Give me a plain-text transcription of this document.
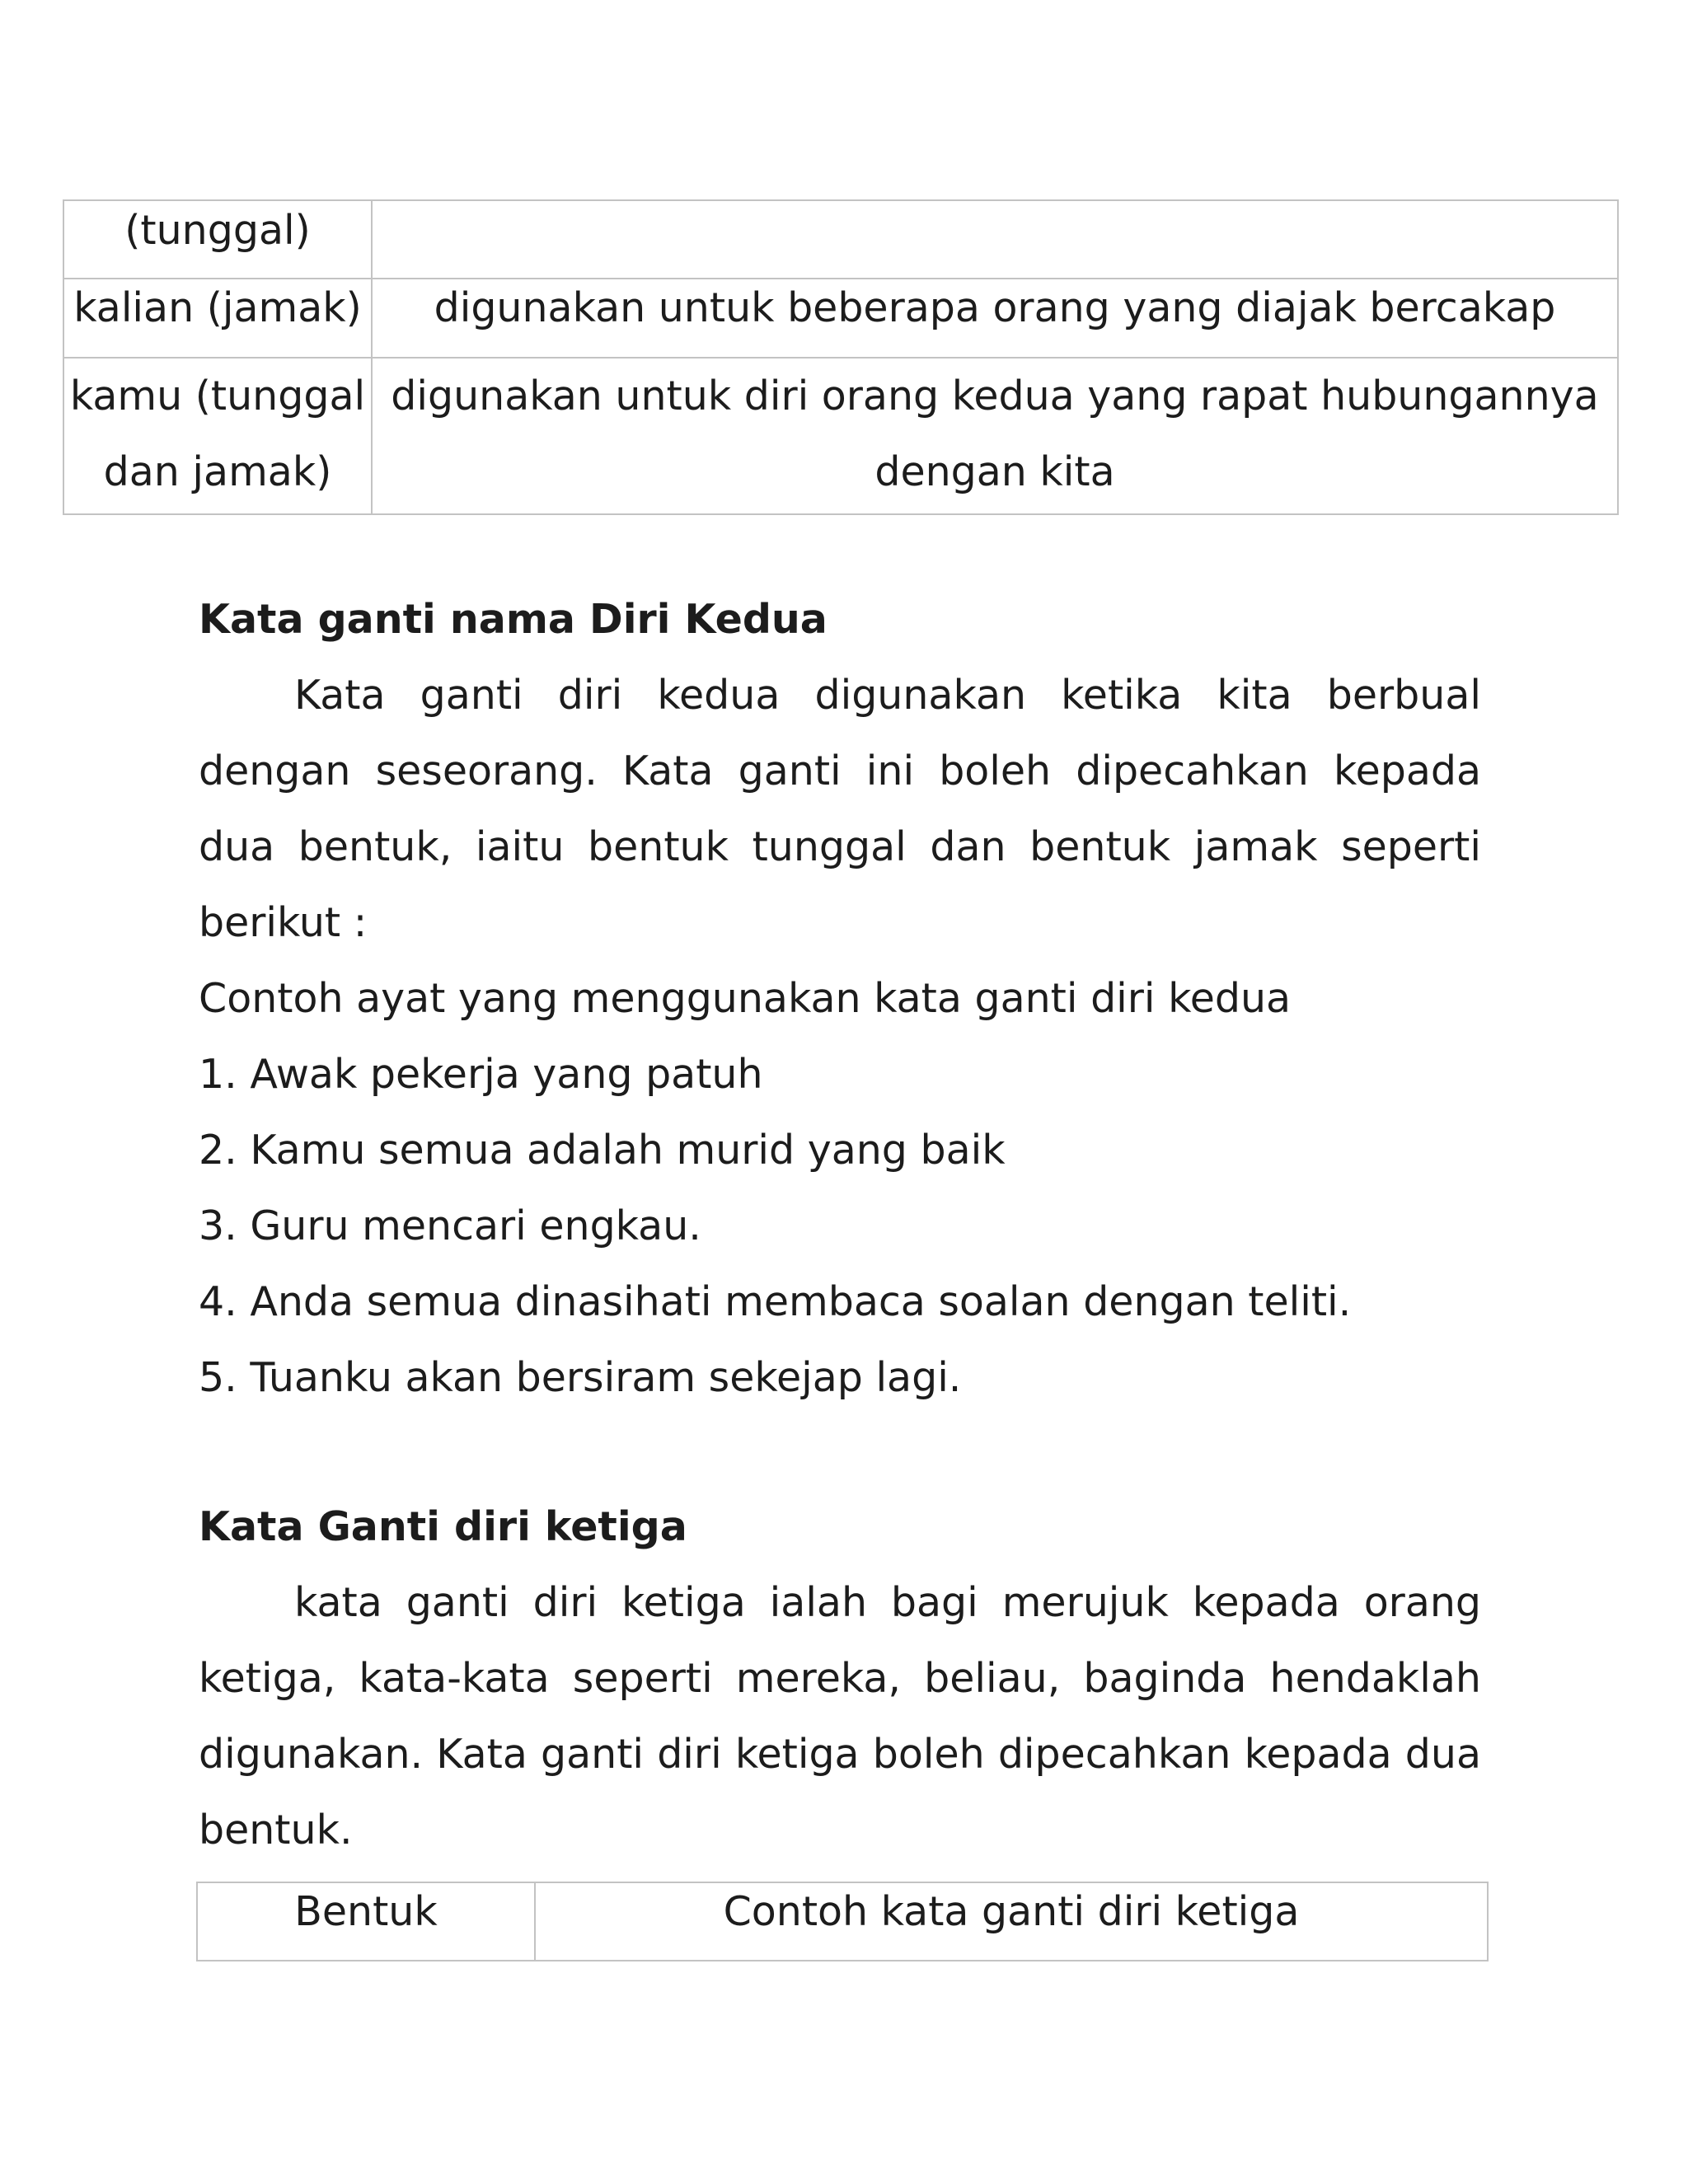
(tunggal)	
kalian (jamak)	digunakan untuk beberapa orang yang diajak bercakap
kamu (tunggal dan jamak)	digunakan untuk diri orang kedua yang rapat hubungannya dengan kita
Kata ganti nama Diri Kedua

Kata ganti diri kedua digunakan ketika kita berbual dengan seseorang. Kata ganti ini boleh dipecahkan kepada dua bentuk, iaitu bentuk tunggal dan bentuk jamak seperti berikut :

Contoh ayat yang menggunakan kata ganti diri kedua

1. Awak pekerja yang patuh

2. Kamu semua adalah murid yang baik

3. Guru mencari engkau.

4. Anda semua dinasihati membaca soalan dengan teliti.

5. Tuanku akan bersiram sekejap lagi.

Kata Ganti diri ketiga

kata ganti diri ketiga ialah bagi merujuk kepada orang ketiga, kata-kata seperti mereka, beliau, baginda hendaklah digunakan. Kata ganti diri ketiga boleh dipecahkan kepada dua bentuk.

Bentuk	Contoh kata ganti diri ketiga
